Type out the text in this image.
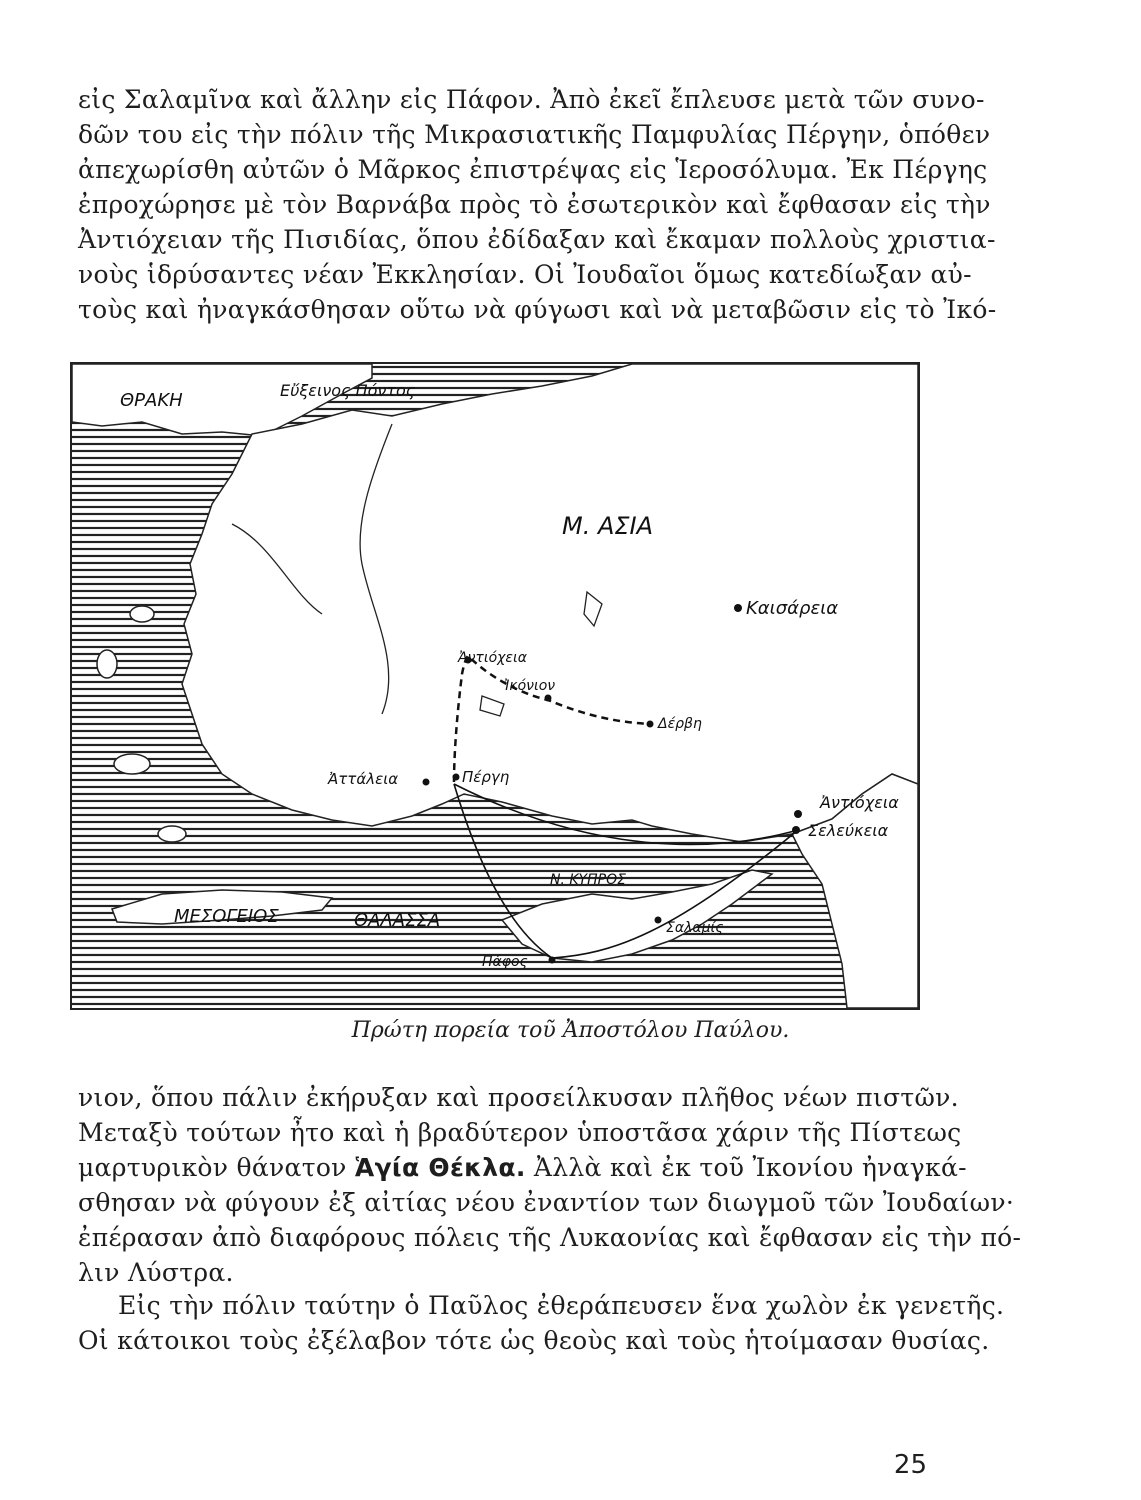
εἰς Σαλαμῖνα καὶ ἄλλην εἰς Πάφον. Ἀπὸ ἐκεῖ ἔπλευσε μετὰ τῶν συνο-
δῶν του εἰς τὴν πόλιν τῆς Μικρασιατικῆς Παμφυλίας Πέργην, ὁπόθεν
ἀπεχωρίσθη αὐτῶν ὁ Μᾶρκος ἐπιστρέψας εἰς Ἱεροσόλυμα. Ἐκ Πέργης
ἐπροχώρησε μὲ τὸν Βαρνάβα πρὸς τὸ ἐσωτερικὸν καὶ ἔφθασαν εἰς τὴν
Ἀντιόχειαν τῆς Πισιδίας, ὅπου ἐδίδαξαν καὶ ἔκαμαν πολλοὺς χριστια-
νοὺς ἱδρύσαντες νέαν Ἐκκλησίαν. Οἱ Ἰουδαῖοι ὅμως κατεδίωξαν αὐ-
τοὺς καὶ ἠναγκάσθησαν οὕτω νὰ φύγωσι καὶ νὰ μεταβῶσιν εἰς τὸ Ἰκό-
ΘΡΑΚΗ	Εὔξεινος Πόντος
Μ. ΑΣΙΑ
Καισάρεια
Ἀντιόχεια
Ἰκόνιον
Δέρβη
Ἀττάλεια	Πέργη
Ἀντιόχεια
Σελεύκεια
Ν. ΚΥΠΡΟΣ
Σαλαμίς
Πάφος
ΜΕΣΟΓΕΙΟΣ	ΘΑΛΑΣΣΑ
Πρώτη πορεία τοῦ Ἀποστόλου Παύλου.
νιον, ὅπου πάλιν ἐκήρυξαν καὶ προσείλκυσαν πλῆθος νέων πιστῶν.
Μεταξὺ τούτων ἦτο καὶ ἡ βραδύτερον ὑποστᾶσα χάριν τῆς Πίστεως
μαρτυρικὸν θάνατον Ἁγία Θέκλα. Ἀλλὰ καὶ ἐκ τοῦ Ἰκονίου ἠναγκά-
σθησαν νὰ φύγουν ἐξ αἰτίας νέου ἐναντίον των διωγμοῦ τῶν Ἰουδαίων·
ἐπέρασαν ἀπὸ διαφόρους πόλεις τῆς Λυκαονίας καὶ ἔφθασαν εἰς τὴν πό-
λιν Λύστρα.
Εἰς τὴν πόλιν ταύτην ὁ Παῦλος ἐθεράπευσεν ἕνα χωλὸν ἐκ γενετῆς.
Οἱ κάτοικοι τοὺς ἐξέλαβον τότε ὡς θεοὺς καὶ τοὺς ἡτοίμασαν θυσίας.
25
